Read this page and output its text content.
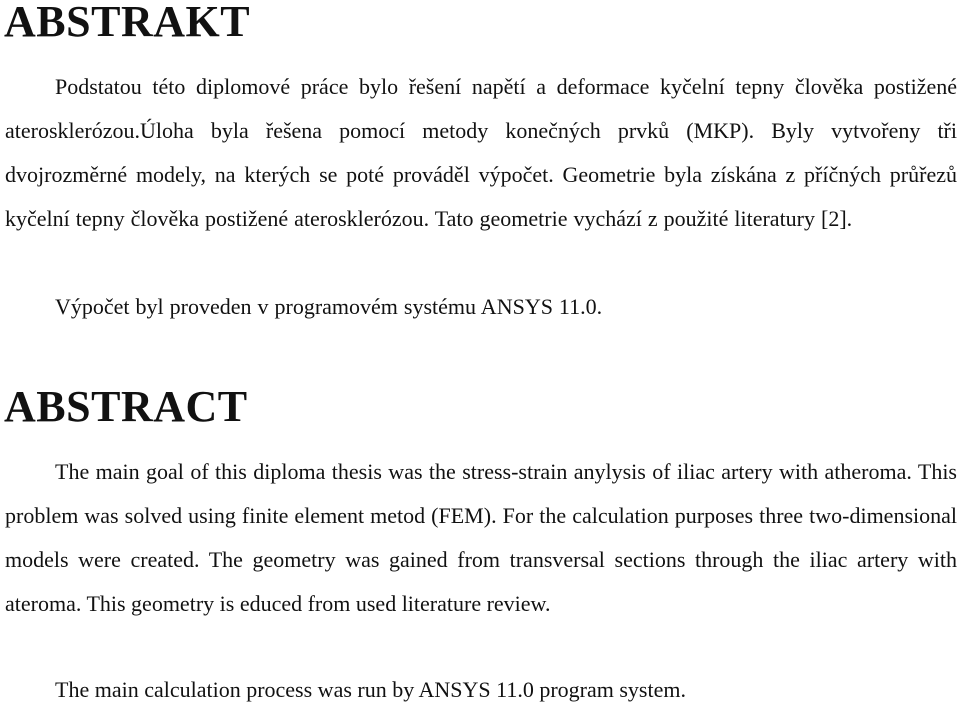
ABSTRAKT

Podstatou této diplomové práce bylo řešení napětí a deformace kyčelní tepny člověka postižené aterosklerózou.Úloha byla řešena pomocí metody konečných prvků (MKP). Byly vytvořeny tři dvojrozměrné modely, na kterých se poté prováděl výpočet. Geometrie byla získána z příčných průřezů kyčelní tepny člověka postižené aterosklerózou. Tato geometrie vychází z použité literatury [2].

Výpočet byl proveden v programovém systému ANSYS 11.0.

ABSTRACT

The main goal of this diploma thesis was the stress-strain anylysis of iliac artery with atheroma. This problem was solved using finite element metod (FEM). For the calculation purposes three two-dimensional models were created. The geometry was gained from transversal sections through the iliac artery with ateroma. This geometry is educed from used literature review.

The main calculation process was run by ANSYS 11.0 program system.
